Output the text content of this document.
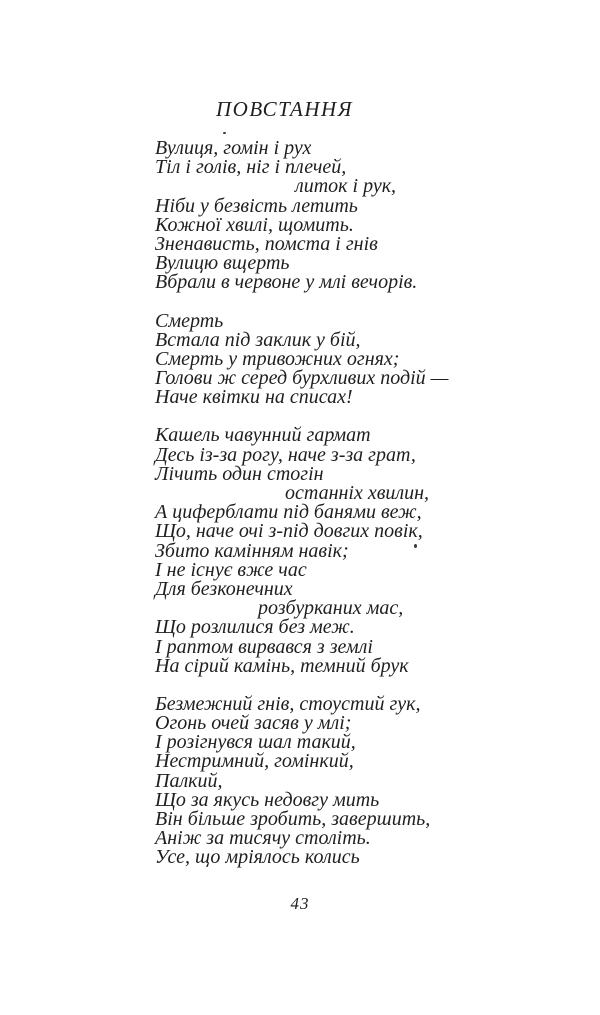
ПОВСТАННЯ
Вулиця, гомін і рух
Тіл і голів, ніг і плечей,
литок і рук,
Ніби у безвість летить
Кожної хвилі, щомить.
Зненависть, помста і гнів
Вулицю вщерть
Вбрали в червоне у млі вечорів.
Смерть
Встала під заклик у бій,
Смерть у тривожних огнях;
Голови ж серед бурхливих подій —
Наче квітки на списах!
Кашель чавунний гармат
Десь із-за рогу, наче з-за грат,
Лічить один стогін
останніх хвилин,
А циферблати під банями веж,
Що, наче очі з-під довгих повік,
Збито камінням навік;
І не існує вже час
Для безконечних
розбурканих мас,
Що розлилися без меж.
І раптом вирвався з землі
На сірий камінь, темний брук
Безмежний гнів, стоустий гук,
Огонь очей засяв у млі;
І розігнувся шал такий,
Нестримний, гомінкий,
Палкий,
Що за якусь недовгу мить
Він більше зробить, завершить,
Аніж за тисячу століть.
Усе, що мріялось колись
43
